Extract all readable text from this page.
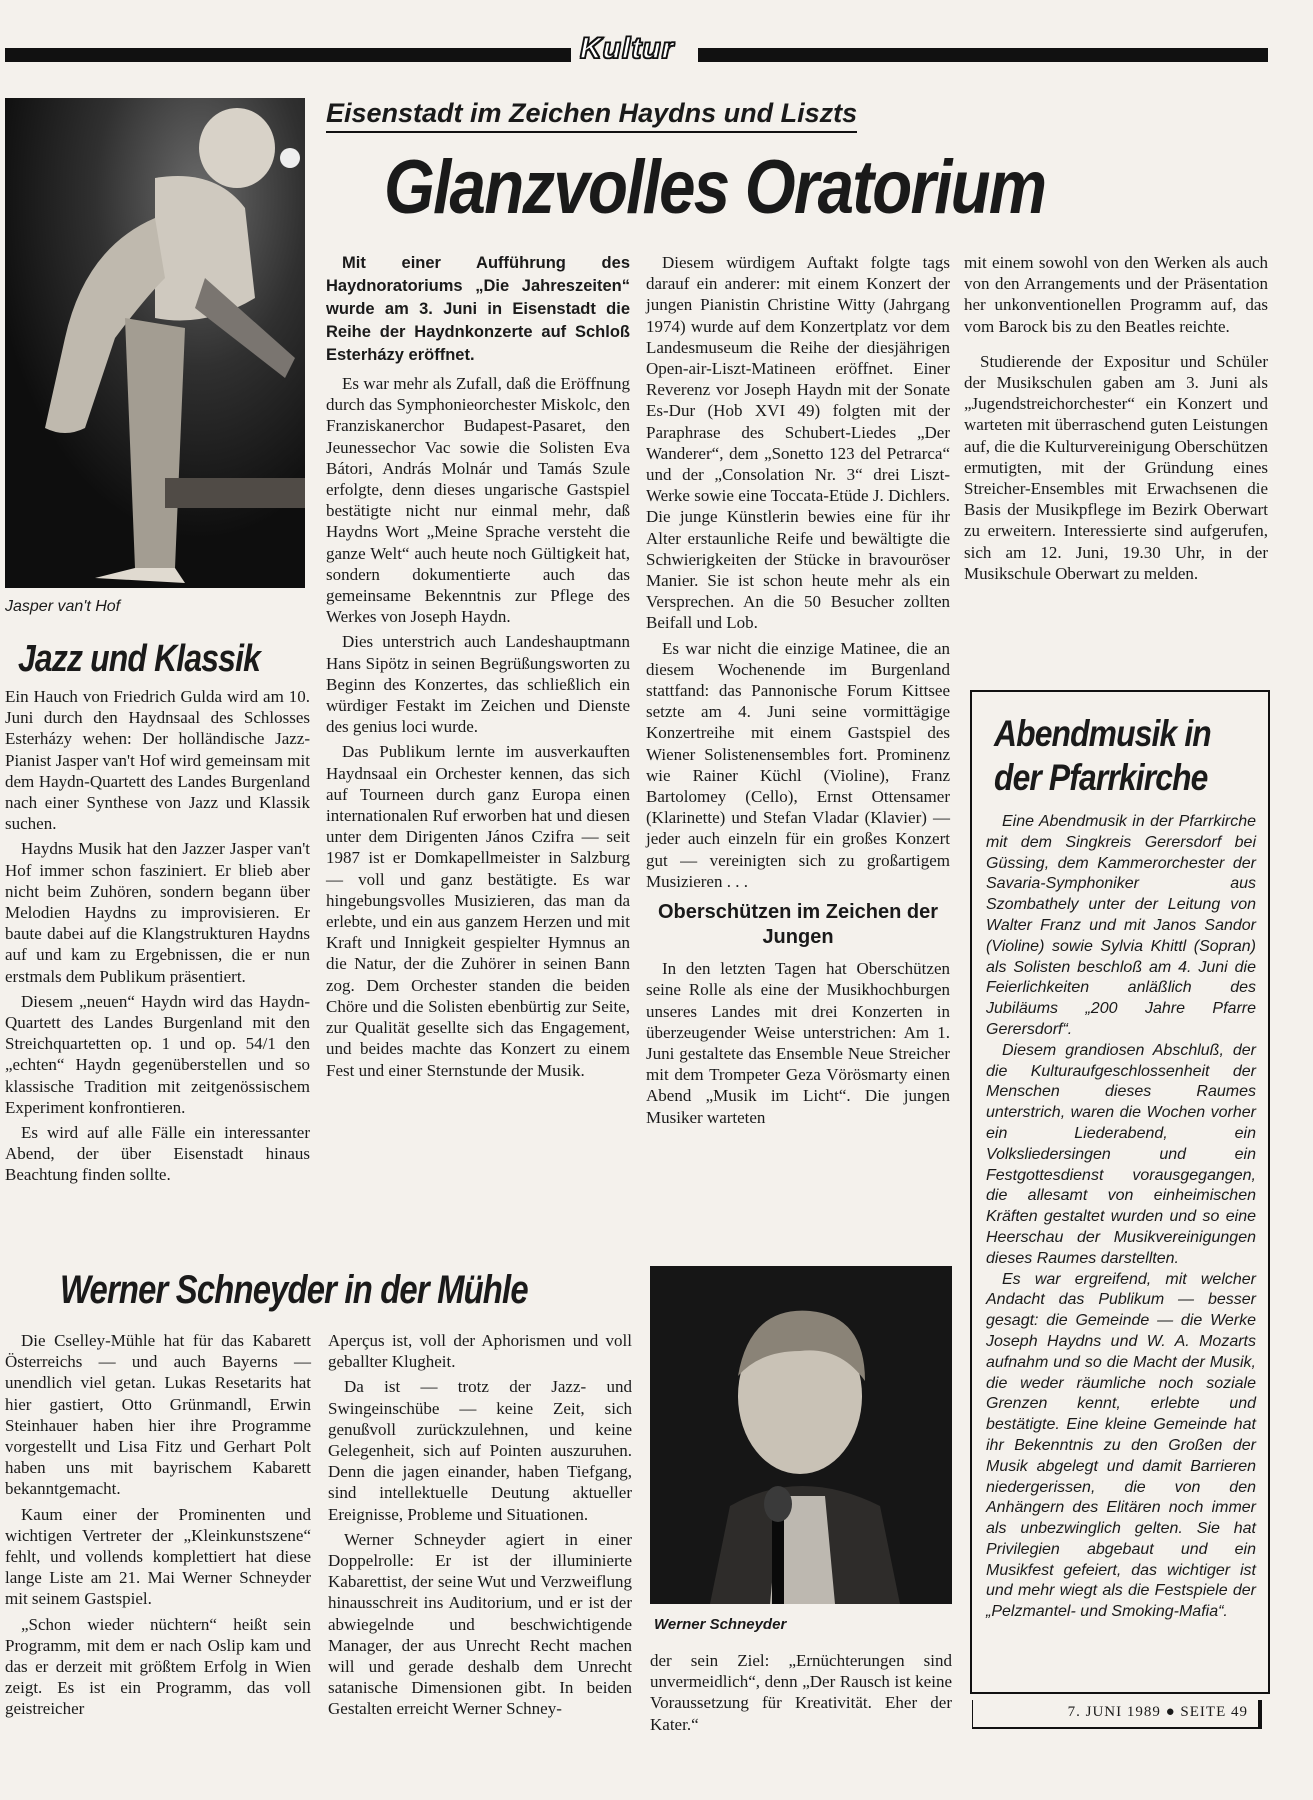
Kultur
Jasper van't Hof
Jazz und Klassik

Ein Hauch von Friedrich Gulda wird am 10. Juni durch den Haydnsaal des Schlosses Esterházy wehen: Der holländische Jazz-Pianist Jasper van't Hof wird gemeinsam mit dem Haydn-Quartett des Landes Burgenland nach einer Synthese von Jazz und Klassik suchen.

Haydns Musik hat den Jazzer Jasper van't Hof immer schon fasziniert. Er blieb aber nicht beim Zuhören, sondern begann über Melodien Haydns zu improvisieren. Er baute dabei auf die Klangstrukturen Haydns auf und kam zu Ergebnissen, die er nun erstmals dem Publikum präsentiert.

Diesem „neuen“ Haydn wird das Haydn-Quartett des Landes Burgenland mit den Streichquartetten op. 1 und op. 54/1 den „echten“ Haydn gegenüberstellen und so klassische Tradition mit zeitgenössischem Experiment konfrontieren.

Es wird auf alle Fälle ein interessanter Abend, der über Eisenstadt hinaus Beachtung finden sollte.

Eisenstadt im Zeichen Haydns und Liszts
Glanzvolles Oratorium

Mit einer Aufführung des Haydnoratoriums „Die Jahreszeiten“ wurde am 3. Juni in Eisenstadt die Reihe der Haydnkonzerte auf Schloß Esterházy eröffnet.

Es war mehr als Zufall, daß die Eröffnung durch das Symphonieorchester Miskolc, den Franziskanerchor Budapest-Pasaret, den Jeunessechor Vac sowie die Solisten Eva Bátori, András Molnár und Tamás Szule erfolgte, denn dieses ungarische Gastspiel bestätigte nicht nur einmal mehr, daß Haydns Wort „Meine Sprache versteht die ganze Welt“ auch heute noch Gültigkeit hat, sondern dokumentierte auch das gemeinsame Bekenntnis zur Pflege des Werkes von Joseph Haydn.

Dies unterstrich auch Landeshauptmann Hans Sipötz in seinen Begrüßungsworten zu Beginn des Konzertes, das schließlich ein würdiger Festakt im Zeichen und Dienste des genius loci wurde.

Das Publikum lernte im ausverkauften Haydnsaal ein Orchester kennen, das sich auf Tourneen durch ganz Europa einen internationalen Ruf erworben hat und diesen unter dem Dirigenten János Czifra — seit 1987 ist er Domkapellmeister in Salzburg — voll und ganz bestätigte. Es war hingebungsvolles Musizieren, das man da erlebte, und ein aus ganzem Herzen und mit Kraft und Innigkeit gespielter Hymnus an die Natur, der die Zuhörer in seinen Bann zog. Dem Orchester standen die beiden Chöre und die Solisten ebenbürtig zur Seite, zur Qualität gesellte sich das Engagement, und beides machte das Konzert zu einem Fest und einer Sternstunde der Musik.

Diesem würdigem Auftakt folgte tags darauf ein anderer: mit einem Konzert der jungen Pianistin Christine Witty (Jahrgang 1974) wurde auf dem Konzertplatz vor dem Landesmuseum die Reihe der diesjährigen Open-air-Liszt-Matineen eröffnet. Einer Reverenz vor Joseph Haydn mit der Sonate Es-Dur (Hob XVI 49) folgten mit der Paraphrase des Schubert-Liedes „Der Wanderer“, dem „Sonetto 123 del Petrarca“ und der „Consolation Nr. 3“ drei Liszt-Werke sowie eine Toccata-Etüde J. Dichlers. Die junge Künstlerin bewies eine für ihr Alter erstaunliche Reife und bewältigte die Schwierigkeiten der Stücke in bravouröser Manier. Sie ist schon heute mehr als ein Versprechen. An die 50 Besucher zollten Beifall und Lob.

Es war nicht die einzige Matinee, die an diesem Wochenende im Burgenland stattfand: das Pannonische Forum Kittsee setzte am 4. Juni seine vormittägige Konzertreihe mit einem Gastspiel des Wiener Solistenensembles fort. Prominenz wie Rainer Küchl (Violine), Franz Bartolomey (Cello), Ernst Ottensamer (Klarinette) und Stefan Vladar (Klavier) — jeder auch einzeln für ein großes Konzert gut — vereinigten sich zu großartigem Musizieren . . .

Oberschützen im Zeichen der Jungen

In den letzten Tagen hat Oberschützen seine Rolle als eine der Musikhochburgen unseres Landes mit drei Konzerten in überzeugender Weise unterstrichen: Am 1. Juni gestaltete das Ensemble Neue Streicher mit dem Trompeter Geza Vörösmarty einen Abend „Musik im Licht“. Die jungen Musiker warteten

mit einem sowohl von den Werken als auch von den Arrangements und der Präsentation her unkonventionellen Programm auf, das vom Barock bis zu den Beatles reichte.

Studierende der Expositur und Schüler der Musikschulen gaben am 3. Juni als „Jugendstreichorchester“ ein Konzert und warteten mit überraschend guten Leistungen auf, die die Kulturvereinigung Oberschützen ermutigten, mit der Gründung eines Streicher-Ensembles mit Erwachsenen die Basis der Musikpflege im Bezirk Oberwart zu erweitern. Interessierte sind aufgerufen, sich am 12. Juni, 19.30 Uhr, in der Musikschule Oberwart zu melden.

Abendmusik in
der Pfarrkirche

Eine Abendmusik in der Pfarrkirche mit dem Singkreis Gerersdorf bei Güssing, dem Kammerorchester der Savaria-Symphoniker aus Szombathely unter der Leitung von Walter Franz und mit Janos Sandor (Violine) sowie Sylvia Khittl (Sopran) als Solisten beschloß am 4. Juni die Feierlichkeiten anläßlich des Jubiläums „200 Jahre Pfarre Gerersdorf“.

Diesem grandiosen Abschluß, der die Kulturaufgeschlossenheit der Menschen dieses Raumes unterstrich, waren die Wochen vorher ein Liederabend, ein Volksliedersingen und ein Festgottesdienst vorausgegangen, die allesamt von einheimischen Kräften gestaltet wurden und so eine Heerschau der Musikvereinigungen dieses Raumes darstellten.

Es war ergreifend, mit welcher Andacht das Publikum — besser gesagt: die Gemeinde — die Werke Joseph Haydns und W. A. Mozarts aufnahm und so die Macht der Musik, die weder räumliche noch soziale Grenzen kennt, erlebte und bestätigte. Eine kleine Gemeinde hat ihr Bekenntnis zu den Großen der Musik abgelegt und damit Barrieren niedergerissen, die von den Anhängern des Elitären noch immer als unbezwinglich gelten. Sie hat Privilegien abgebaut und ein Musikfest gefeiert, das wichtiger ist und mehr wiegt als die Festspiele der „Pelzmantel- und Smoking-Mafia“.

Werner Schneyder in der Mühle

Die Cselley-Mühle hat für das Kabarett Österreichs — und auch Bayerns — unendlich viel getan. Lukas Resetarits hat hier gastiert, Otto Grünmandl, Erwin Steinhauer haben hier ihre Programme vorgestellt und Lisa Fitz und Gerhart Polt haben uns mit bayrischem Kabarett bekanntgemacht.

Kaum einer der Prominenten und wichtigen Vertreter der „Kleinkunstszene“ fehlt, und vollends komplettiert hat diese lange Liste am 21. Mai Werner Schneyder mit seinem Gastspiel.

„Schon wieder nüchtern“ heißt sein Programm, mit dem er nach Oslip kam und das er derzeit mit größtem Erfolg in Wien zeigt. Es ist ein Programm, das voll geistreicher

Aperçus ist, voll der Aphorismen und voll geballter Klugheit.

Da ist — trotz der Jazz- und Swingeinschübe — keine Zeit, sich genußvoll zurückzulehnen, und keine Gelegenheit, sich auf Pointen auszuruhen. Denn die jagen einander, haben Tiefgang, sind intellektuelle Deutung aktueller Ereignisse, Probleme und Situationen.

Werner Schneyder agiert in einer Doppelrolle: Er ist der illuminierte Kabarettist, der seine Wut und Verzweiflung hinausschreit ins Auditorium, und er ist der abwiegelnde und beschwichtigende Manager, der aus Unrecht Recht machen will und gerade deshalb dem Unrecht satanische Dimensionen gibt. In beiden Gestalten erreicht Werner Schney-

Werner Schneyder

der sein Ziel: „Ernüchterungen sind unvermeidlich“, denn „Der Rausch ist keine Voraussetzung für Kreativität. Eher der Kater.“

7. JUNI 1989 ● SEITE 49
